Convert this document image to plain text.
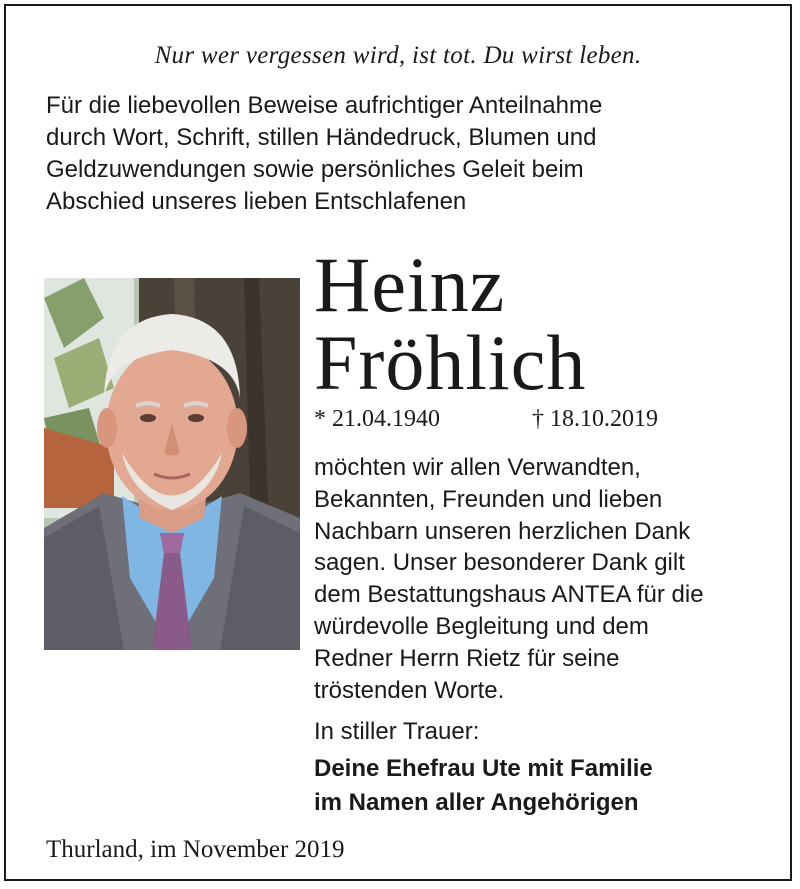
Nur wer vergessen wird, ist tot. Du wirst leben.
Für die liebevollen Beweise aufrichtiger Anteilnahme
durch Wort, Schrift, stillen Händedruck, Blumen und
Geldzuwendungen sowie persönliches Geleit beim
Abschied unseres lieben Entschlafenen
Heinz
Fröhlich
* 21.04.1940	† 18.10.2019
möchten wir allen Verwandten,
Bekannten, Freunden und lieben
Nachbarn unseren herzlichen Dank
sagen. Unser besonderer Dank gilt
dem Bestattungshaus ANTEA für die
würdevolle Begleitung und dem
Redner Herrn Rietz für seine
tröstenden Worte.
In stiller Trauer:
Deine Ehefrau Ute mit Familie
im Namen aller Angehörigen
Thurland, im November 2019
